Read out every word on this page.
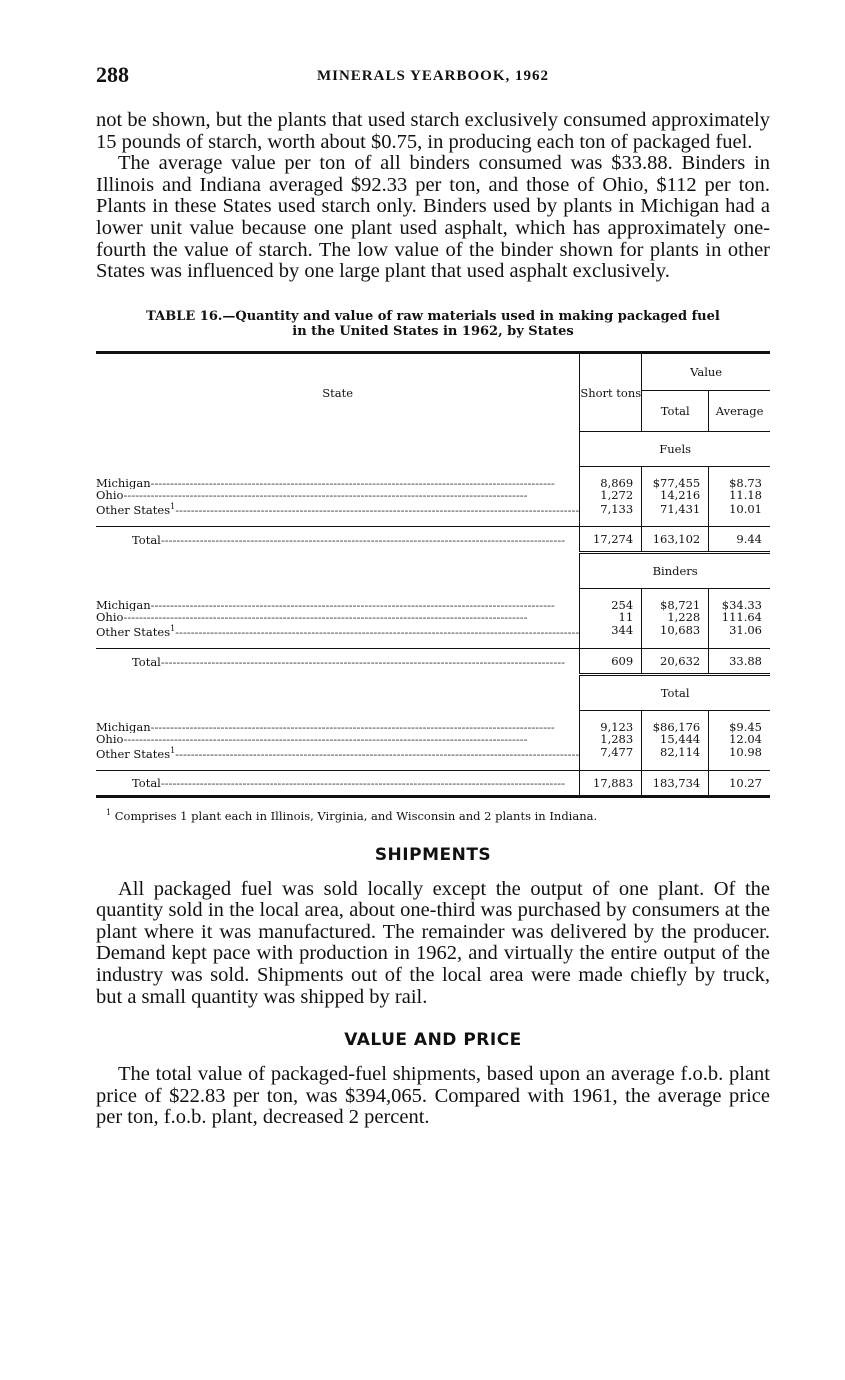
288	MINERALS YEARBOOK, 1962

not be shown, but the plants that used starch exclusively consumed approximately 15 pounds of starch, worth about $0.75, in producing each ton of packaged fuel.

The average value per ton of all binders consumed was $33.88. Binders in Illinois and Indiana averaged $92.33 per ton, and those of Ohio, $112 per ton. Plants in these States used starch only. Binders used by plants in Michigan had a lower unit value because one plant used asphalt, which has approximately one-fourth the value of starch. The low value of the binder shown for plants in other States was influenced by one large plant that used asphalt exclusively.

TABLE 16.—Quantity and value of raw materials used in making packaged fuel
in the United States in 1962, by States
State	Short tons	Value	
		Total	Average
	Fuels		

Michigan--------------------------------------------------------------------------------------------------------	8,869	$77,455	$8.73
Ohio--------------------------------------------------------------------------------------------------------	1,272	14,216	11.18
Other States$^1$--------------------------------------------------------------------------------------------------------	7,133	71,431	10.01

Total--------------------------------------------------------------------------------------------------------	17,274	163,102	9.44
	Binders		

Michigan--------------------------------------------------------------------------------------------------------	254	$8,721	$34.33
Ohio--------------------------------------------------------------------------------------------------------	11	1,228	111.64
Other States$^1$--------------------------------------------------------------------------------------------------------	344	10,683	31.06

Total--------------------------------------------------------------------------------------------------------	609	20,632	33.88
	Total		

Michigan--------------------------------------------------------------------------------------------------------	9,123	$86,176	$9.45
Ohio--------------------------------------------------------------------------------------------------------	1,283	15,444	12.04
Other States$^1$--------------------------------------------------------------------------------------------------------	7,477	82,114	10.98

Total--------------------------------------------------------------------------------------------------------	17,883	183,734	10.27

$^1$ Comprises 1 plant each in Illinois, Virginia, and Wisconsin and 2 plants in Indiana.
SHIPMENTS

All packaged fuel was sold locally except the output of one plant. Of the quantity sold in the local area, about one-third was purchased by consumers at the plant where it was manufactured. The remainder was delivered by the producer. Demand kept pace with production in 1962, and virtually the entire output of the industry was sold. Shipments out of the local area were made chiefly by truck, but a small quantity was shipped by rail.

VALUE AND PRICE

The total value of packaged-fuel shipments, based upon an average f.o.b. plant price of $22.83 per ton, was $394,065. Compared with 1961, the average price per ton, f.o.b. plant, decreased 2 percent.
